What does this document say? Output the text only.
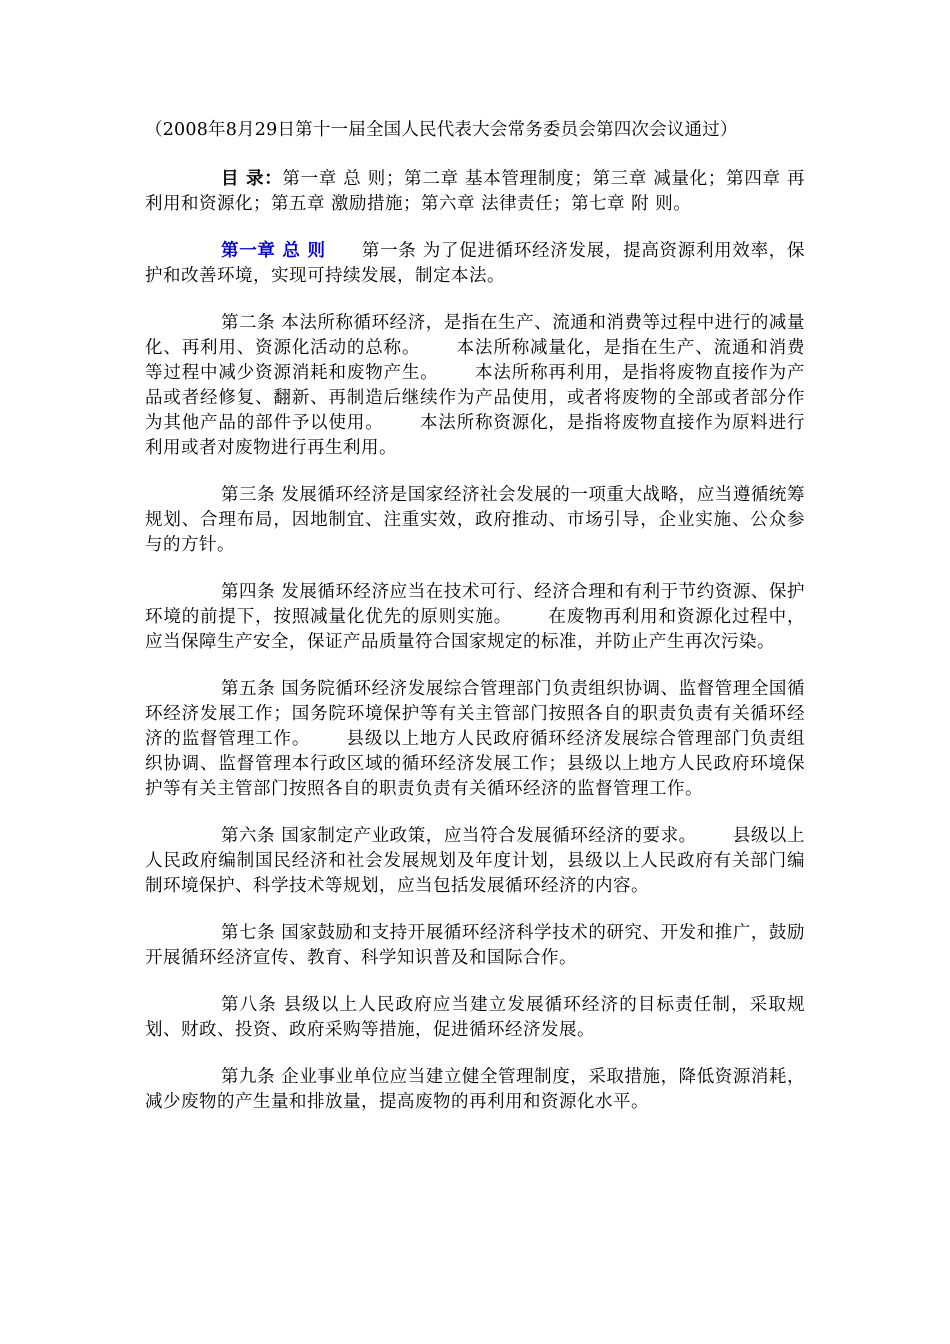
（2008年8月29日第十一届全国人民代表大会常务委员会第四次会议通过）

目 录：第一章 总 则；第二章 基本管理制度；第三章 减量化；第四章 再利用和资源化；第五章 激励措施；第六章 法律责任；第七章 附 则。

第一章 总 则 第一条 为了促进循环经济发展，提高资源利用效率，保护和改善环境，实现可持续发展，制定本法。

第二条 本法所称循环经济，是指在生产、流通和消费等过程中进行的减量化、再利用、资源化活动的总称。 本法所称减量化，是指在生产、流通和消费等过程中减少资源消耗和废物产生。 本法所称再利用，是指将废物直接作为产品或者经修复、翻新、再制造后继续作为产品使用，或者将废物的全部或者部分作为其他产品的部件予以使用。 本法所称资源化，是指将废物直接作为原料进行利用或者对废物进行再生利用。

第三条 发展循环经济是国家经济社会发展的一项重大战略，应当遵循统筹规划、合理布局，因地制宜、注重实效，政府推动、市场引导，企业实施、公众参与的方针。

第四条 发展循环经济应当在技术可行、经济合理和有利于节约资源、保护环境的前提下，按照减量化优先的原则实施。 在废物再利用和资源化过程中，应当保障生产安全，保证产品质量符合国家规定的标准，并防止产生再次污染。

第五条 国务院循环经济发展综合管理部门负责组织协调、监督管理全国循环经济发展工作；国务院环境保护等有关主管部门按照各自的职责负责有关循环经济的监督管理工作。 县级以上地方人民政府循环经济发展综合管理部门负责组织协调、监督管理本行政区域的循环经济发展工作；县级以上地方人民政府环境保护等有关主管部门按照各自的职责负责有关循环经济的监督管理工作。

第六条 国家制定产业政策，应当符合发展循环经济的要求。 县级以上人民政府编制国民经济和社会发展规划及年度计划，县级以上人民政府有关部门编制环境保护、科学技术等规划，应当包括发展循环经济的内容。

第七条 国家鼓励和支持开展循环经济科学技术的研究、开发和推广，鼓励开展循环经济宣传、教育、科学知识普及和国际合作。

第八条 县级以上人民政府应当建立发展循环经济的目标责任制，采取规划、财政、投资、政府采购等措施，促进循环经济发展。

第九条 企业事业单位应当建立健全管理制度，采取措施，降低资源消耗，减少废物的产生量和排放量，提高废物的再利用和资源化水平。
